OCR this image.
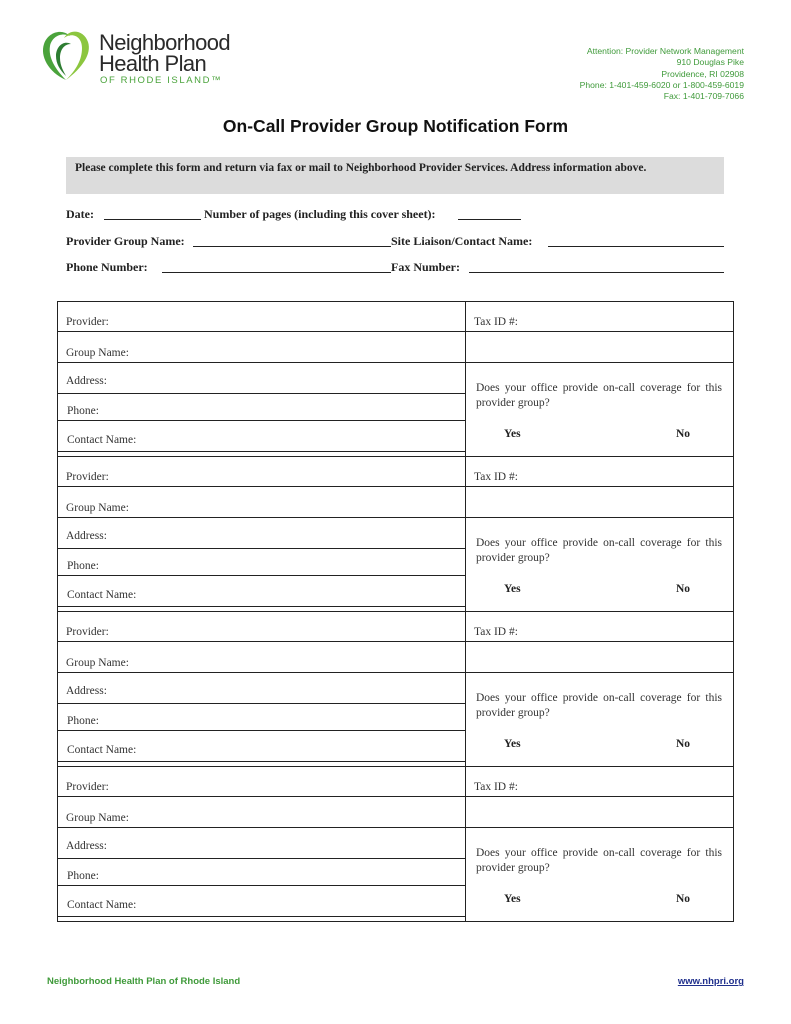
Neighborhood
Health Plan
OF RHODE ISLAND™
Attention: Provider Network Management
910 Douglas Pike
Providence, RI 02908
Phone: 1-401-459-6020 or 1-800-459-6019
Fax: 1-401-709-7066
On-Call Provider Group Notification Form
Please complete this form and return via fax or mail to Neighborhood Provider Services. Address information above.
Date:	Number of pages (including this cover sheet):
Provider Group Name:	Site Liaison/Contact Name:
Phone Number:	Fax Number:
Provider:	Tax ID #:
Group Name:
Address:
Phone:
Contact Name:
Does your office provide on-call coverage for this provider group?
Yes	No
Provider:	Tax ID #:
Group Name:
Address:
Phone:
Contact Name:
Does your office provide on-call coverage for this provider group?
Yes	No
Provider:	Tax ID #:
Group Name:
Address:
Phone:
Contact Name:
Does your office provide on-call coverage for this provider group?
Yes	No
Provider:	Tax ID #:
Group Name:
Address:
Phone:
Contact Name:
Does your office provide on-call coverage for this provider group?
Yes	No
Neighborhood Health Plan of Rhode Island	www.nhpri.org
